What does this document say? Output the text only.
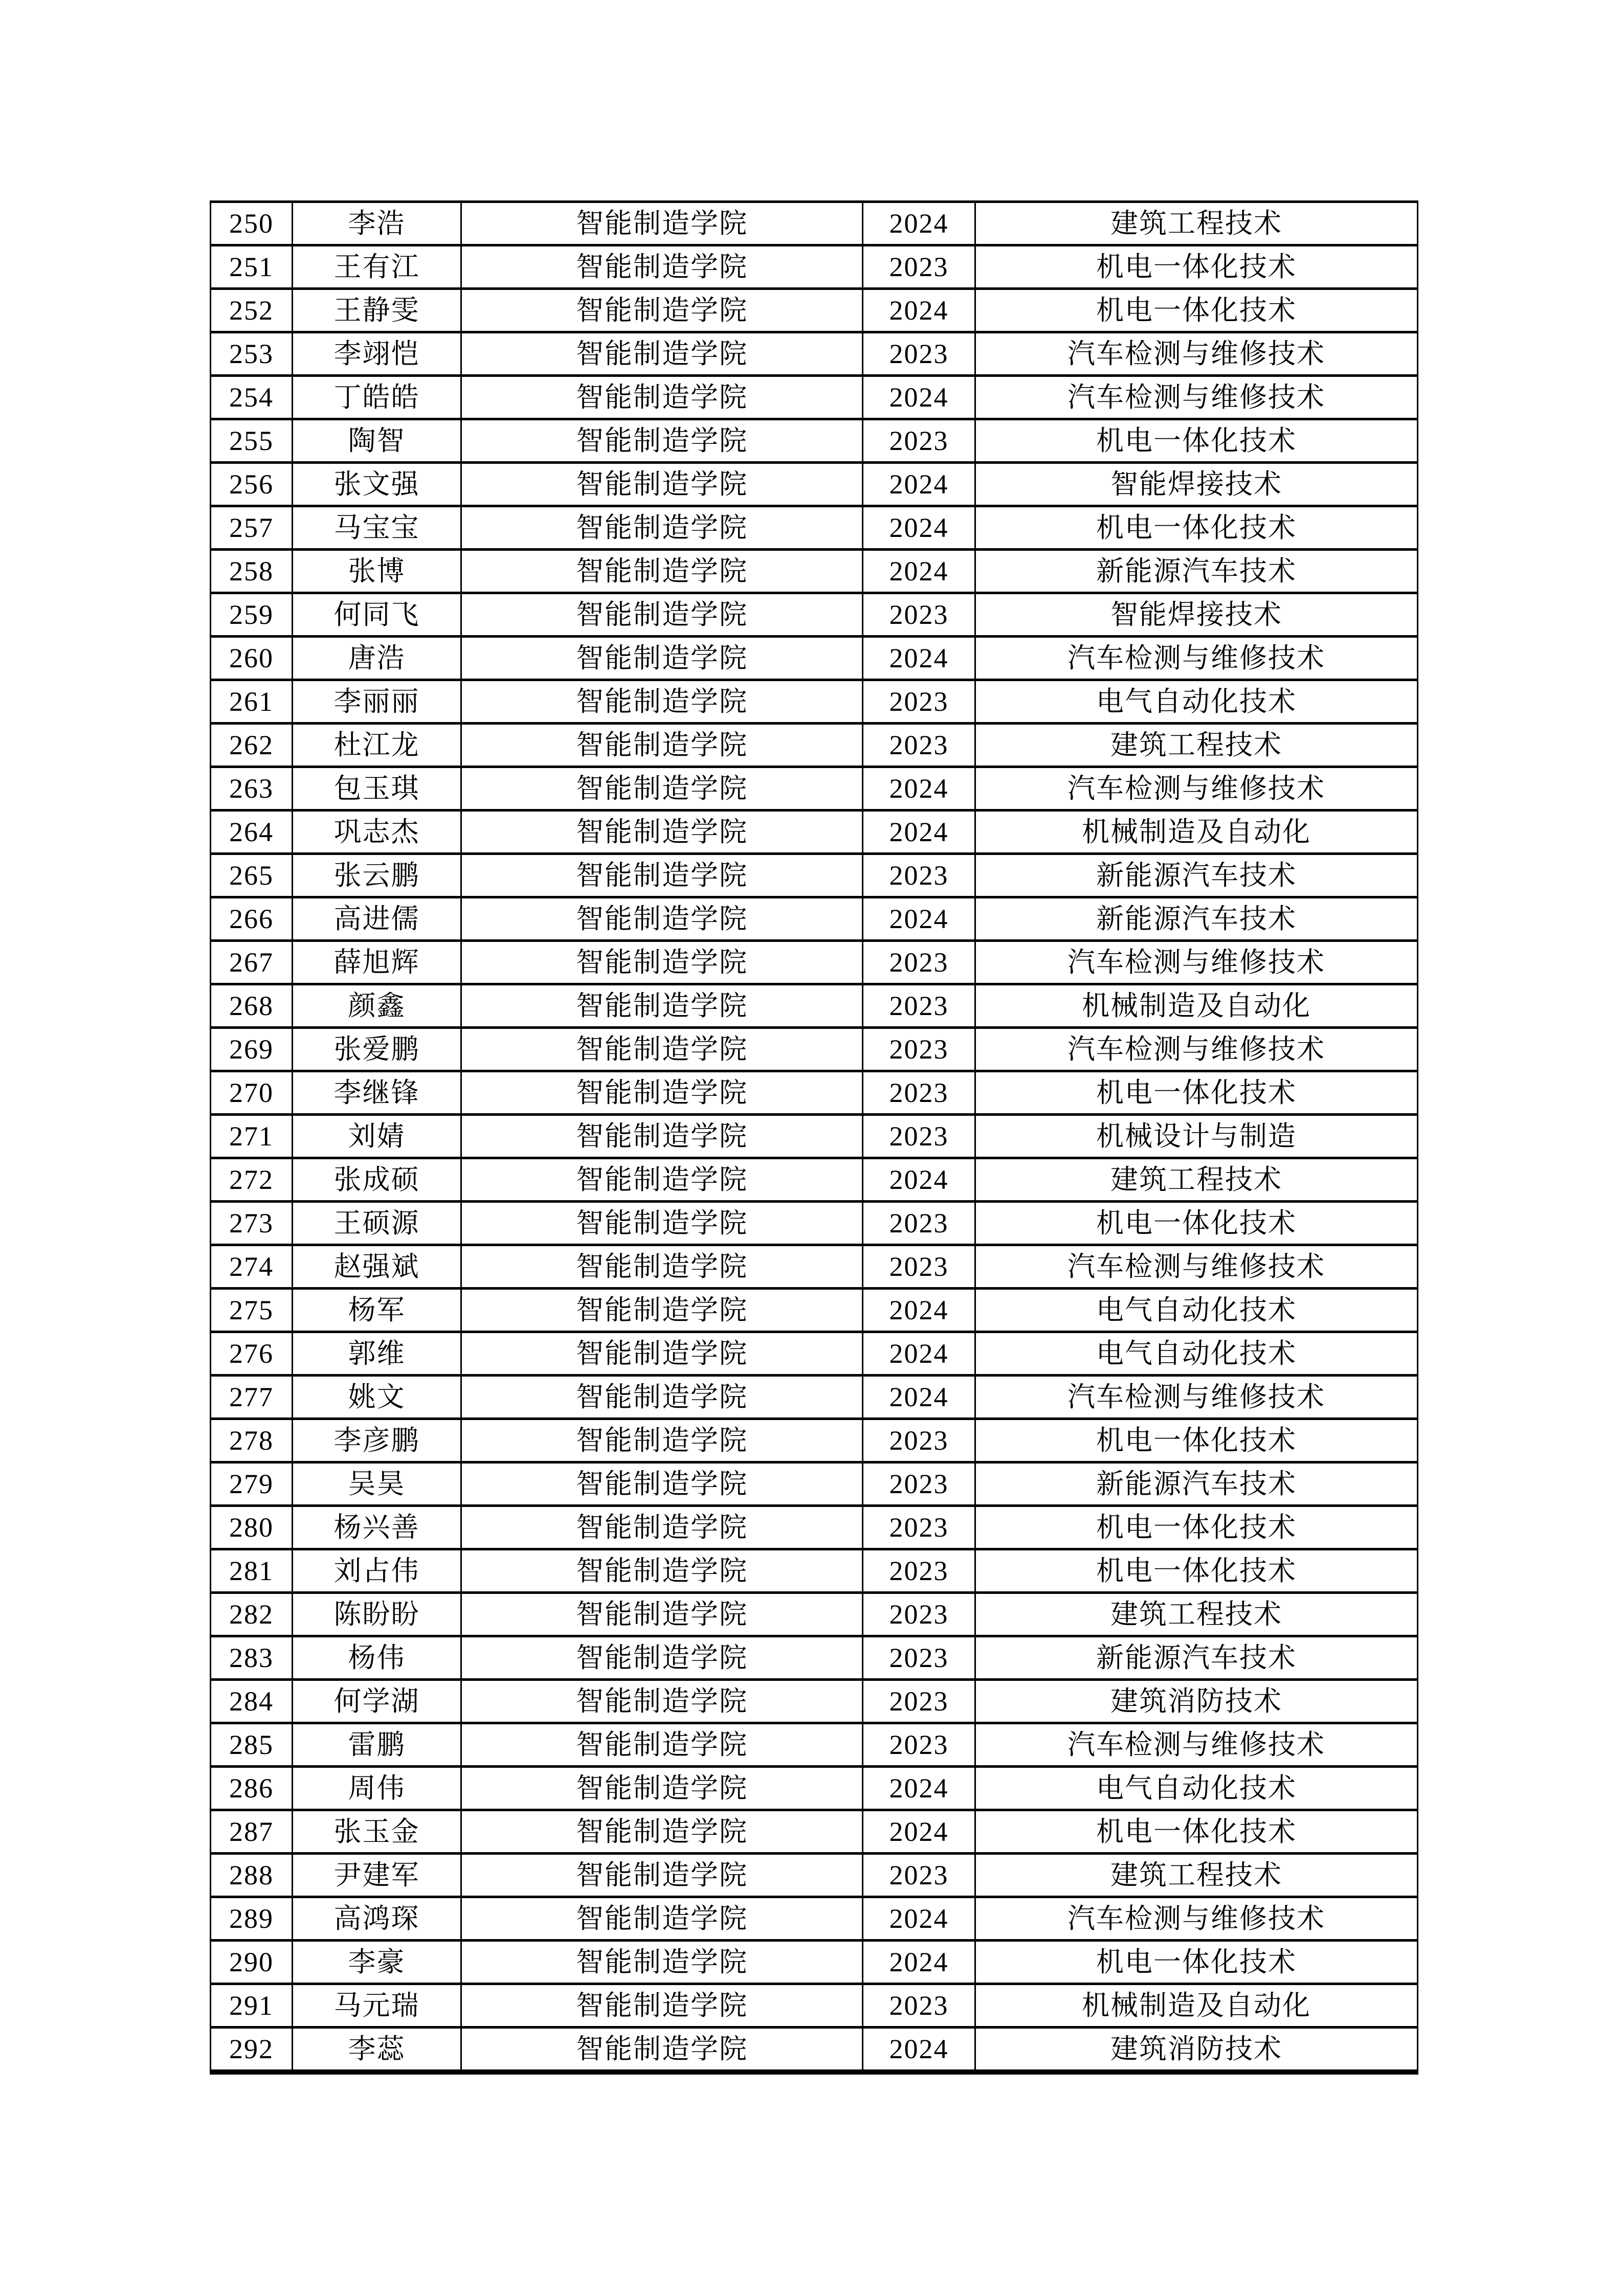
250	李浩	智能制造学院	2024	建筑工程技术
251	王有江	智能制造学院	2023	机电一体化技术
252	王静雯	智能制造学院	2024	机电一体化技术
253	李翊恺	智能制造学院	2023	汽车检测与维修技术
254	丁皓皓	智能制造学院	2024	汽车检测与维修技术
255	陶智	智能制造学院	2023	机电一体化技术
256	张文强	智能制造学院	2024	智能焊接技术
257	马宝宝	智能制造学院	2024	机电一体化技术
258	张博	智能制造学院	2024	新能源汽车技术
259	何同飞	智能制造学院	2023	智能焊接技术
260	唐浩	智能制造学院	2024	汽车检测与维修技术
261	李丽丽	智能制造学院	2023	电气自动化技术
262	杜江龙	智能制造学院	2023	建筑工程技术
263	包玉琪	智能制造学院	2024	汽车检测与维修技术
264	巩志杰	智能制造学院	2024	机械制造及自动化
265	张云鹏	智能制造学院	2023	新能源汽车技术
266	高进儒	智能制造学院	2024	新能源汽车技术
267	薛旭辉	智能制造学院	2023	汽车检测与维修技术
268	颜鑫	智能制造学院	2023	机械制造及自动化
269	张爱鹏	智能制造学院	2023	汽车检测与维修技术
270	李继锋	智能制造学院	2023	机电一体化技术
271	刘婧	智能制造学院	2023	机械设计与制造
272	张成硕	智能制造学院	2024	建筑工程技术
273	王硕源	智能制造学院	2023	机电一体化技术
274	赵强斌	智能制造学院	2023	汽车检测与维修技术
275	杨军	智能制造学院	2024	电气自动化技术
276	郭维	智能制造学院	2024	电气自动化技术
277	姚文	智能制造学院	2024	汽车检测与维修技术
278	李彦鹏	智能制造学院	2023	机电一体化技术
279	吴昊	智能制造学院	2023	新能源汽车技术
280	杨兴善	智能制造学院	2023	机电一体化技术
281	刘占伟	智能制造学院	2023	机电一体化技术
282	陈盼盼	智能制造学院	2023	建筑工程技术
283	杨伟	智能制造学院	2023	新能源汽车技术
284	何学湖	智能制造学院	2023	建筑消防技术
285	雷鹏	智能制造学院	2023	汽车检测与维修技术
286	周伟	智能制造学院	2024	电气自动化技术
287	张玉金	智能制造学院	2024	机电一体化技术
288	尹建军	智能制造学院	2023	建筑工程技术
289	高鸿琛	智能制造学院	2024	汽车检测与维修技术
290	李豪	智能制造学院	2024	机电一体化技术
291	马元瑞	智能制造学院	2023	机械制造及自动化
292	李蕊	智能制造学院	2024	建筑消防技术
